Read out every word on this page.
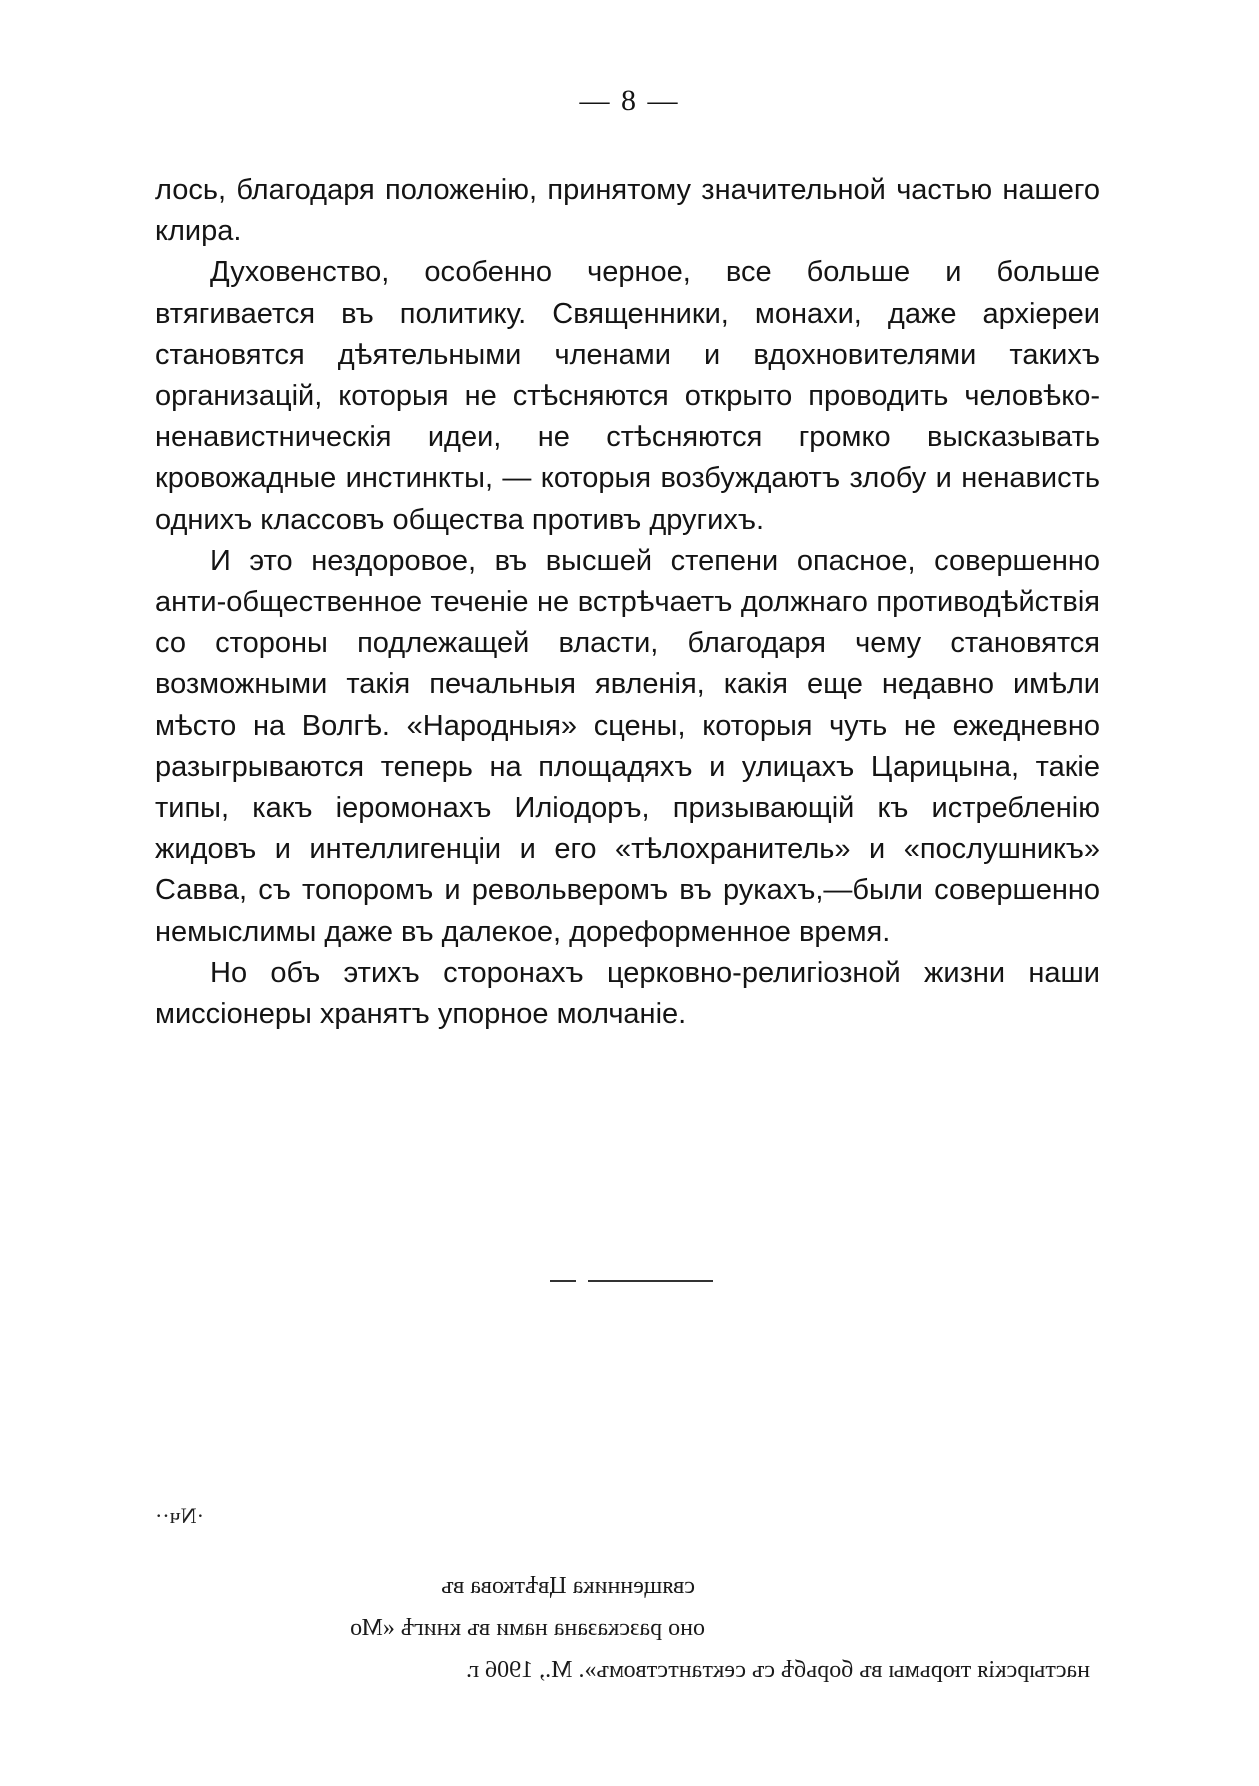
— 8 —

лось, благодаря положенію, принятому значительной частью нашего клира.

Духовенство, особенно черное, все больше и больше втягивается въ политику. Священники, монахи, даже архіереи становятся дѣятельными членами и вдохновителями такихъ организацій, которыя не стѣсняются открыто проводить человѣко-ненавистническія идеи, не стѣсняются громко высказывать кровожадные инстинкты, — которыя возбуждаютъ злобу и ненависть однихъ классовъ общества противъ другихъ.

И это нездоровое, въ высшей степени опасное, совершенно анти-общественное теченіе не встрѣчаетъ должнаго противодѣйствія со стороны подлежащей власти, благодаря чему становятся возможными такія печальныя явленія, какія еще недавно имѣли мѣсто на Волгѣ. «Народныя» сцены, которыя чуть не ежедневно разыгрываются теперь на площадяхъ и улицахъ Царицына, такіе типы, какъ іеромонахъ Иліодоръ, призывающій къ истребленію жидовъ и интеллигенціи и его «тѣлохранитель» и «послушникъ» Савва, съ топоромъ и револьверомъ въ рукахъ,—были совершенно немыслимы даже въ далекое, дореформенное время.

Но объ этихъ сторонахъ церковно-религіозной жизни наши миссіонеры хранятъ упорное молчаніе.

·Nч··
священника Цвѣткова въ
оно разсказана нами въ книгѣ «Мо
настырскія тюрьмы въ борьбѣ съ сектантствомъ». М., 1906 г.
